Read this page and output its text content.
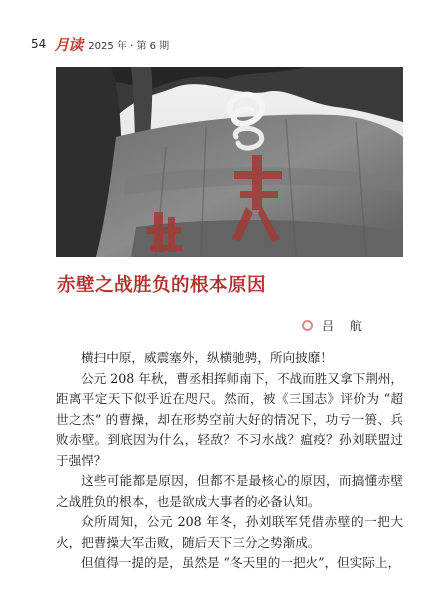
54 月读 2025 年 · 第 6 期
赤壁之战胜负的根本原因
吕 航

横扫中原，威震塞外，纵横驰骋，所向披靡！

公元 208 年秋，曹丞相挥师南下，不战而胜又拿下荆州，距离平定天下似乎近在咫尺。然而，被《三国志》评价为 “超世之杰” 的曹操，却在形势空前大好的情况下，功亏一篑、兵败赤壁。到底因为什么，轻敌？不习水战？瘟疫？孙刘联盟过于强悍？

这些可能都是原因，但都不是最核心的原因，而搞懂赤壁之战胜负的根本，也是欲成大事者的必备认知。

众所周知，公元 208 年冬，孙刘联军凭借赤壁的一把大火，把曹操大军击败，随后天下三分之势渐成。

但值得一提的是，虽然是 “冬天里的一把火”，但实际上，
